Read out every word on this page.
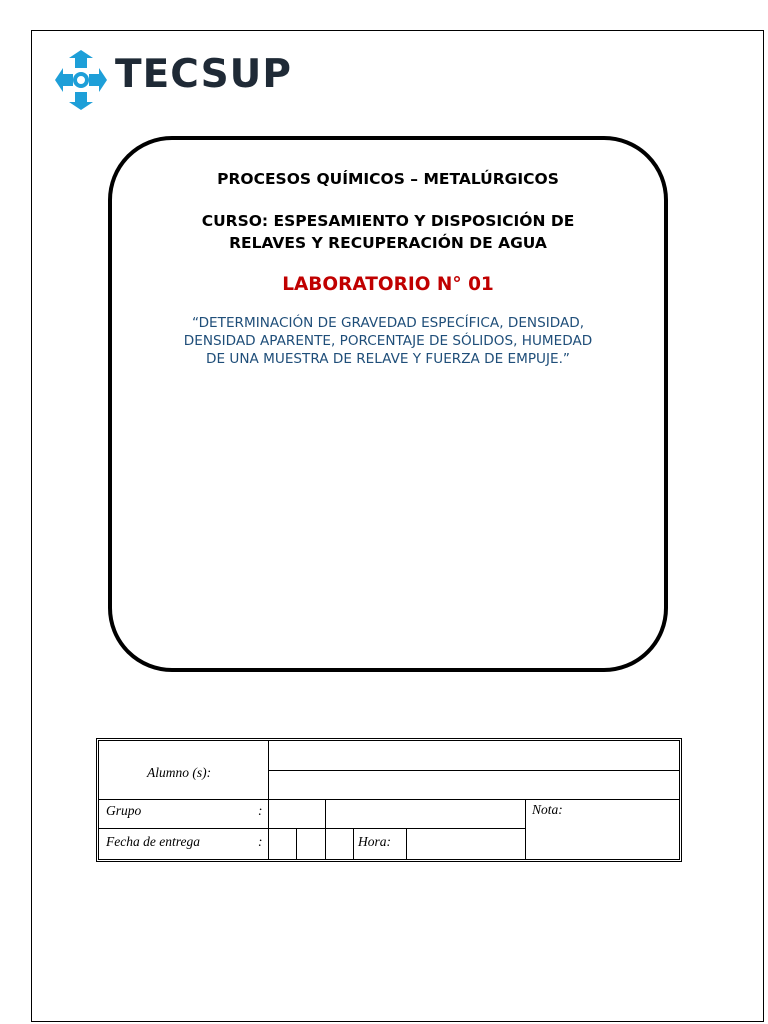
TECSUP
PROCESOS QUÍMICOS – METALÚRGICOS
CURSO: ESPESAMIENTO Y DISPOSICIÓN DE
RELAVES Y RECUPERACIÓN DE AGUA
LABORATORIO N° 01
“DETERMINACIÓN DE GRAVEDAD ESPECÍFICA, DENSIDAD,
DENSIDAD APARENTE, PORCENTAJE DE SÓLIDOS, HUMEDAD
DE UNA MUESTRA DE RELAVE Y FUERZA DE EMPUJE.”
Alumno (s):
Grupo	:	Nota:
Fecha de entrega	:	Hora:
